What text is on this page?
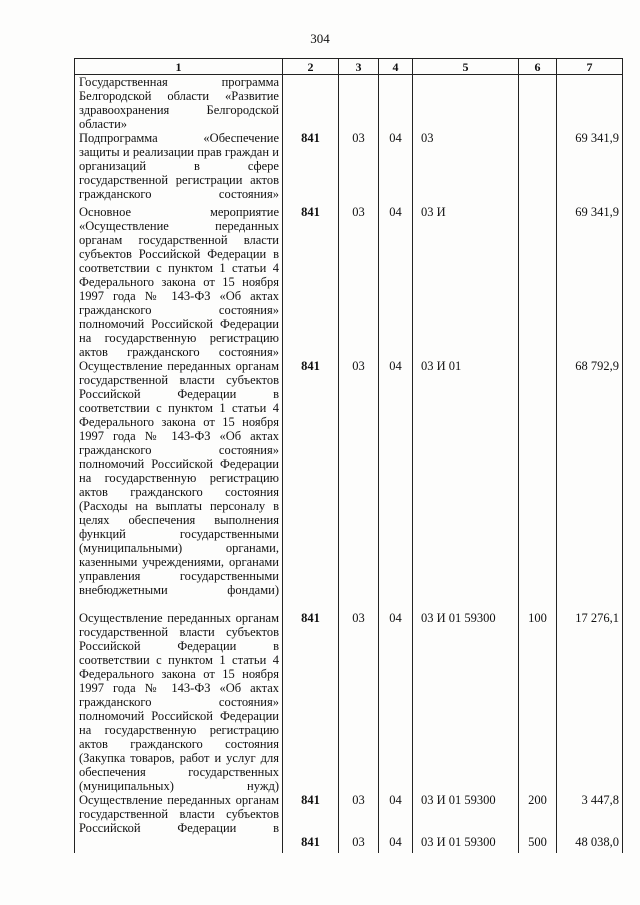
304
1	2	3	4	5	6	7
Государственная программа Белгородской области «Развитие здравоохранения Белгородской области»						
Подпрограмма «Обеспечение защиты и реализации прав граждан и организаций в сфере государственной регистрации актов гражданского состояния»	841	03	04	03		69 341,9
Основное мероприятие «Осуществление переданных органам государственной власти субъектов Российской Федерации в соответствии с пунктом 1 статьи 4 Федерального закона от 15 ноября 1997 года № 143-ФЗ «Об актах гражданского состояния» полномочий Российской Федерации на государственную регистрацию актов гражданского состояния»	841	03	04	03 И		69 341,9
Осуществление переданных органам государственной власти субъектов Российской Федерации в соответствии с пунктом 1 статьи 4 Федерального закона от 15 ноября 1997 года № 143-ФЗ «Об актах гражданского состояния» полномочий Российской Федерации на государственную регистрацию актов гражданского состояния (Расходы на выплаты персоналу в целях обеспечения выполнения функций государственными (муниципальными) органами, казенными учреждениями, органами управления государственными внебюджетными фондами)	841	03	04	03 И 01		68 792,9
Осуществление переданных органам государственной власти субъектов Российской Федерации в соответствии с пунктом 1 статьи 4 Федерального закона от 15 ноября 1997 года № 143-ФЗ «Об актах гражданского состояния» полномочий Российской Федерации на государственную регистрацию актов гражданского состояния (Закупка товаров, работ и услуг для обеспечения государственных (муниципальных) нужд)	841	03	04	03 И 01 59300	100	17 276,1
Осуществление переданных органам государственной власти субъектов Российской Федерации в	841	03	04	03 И 01 59300	200	3 447,8
	841	03	04	03 И 01 59300	500	48 038,0
